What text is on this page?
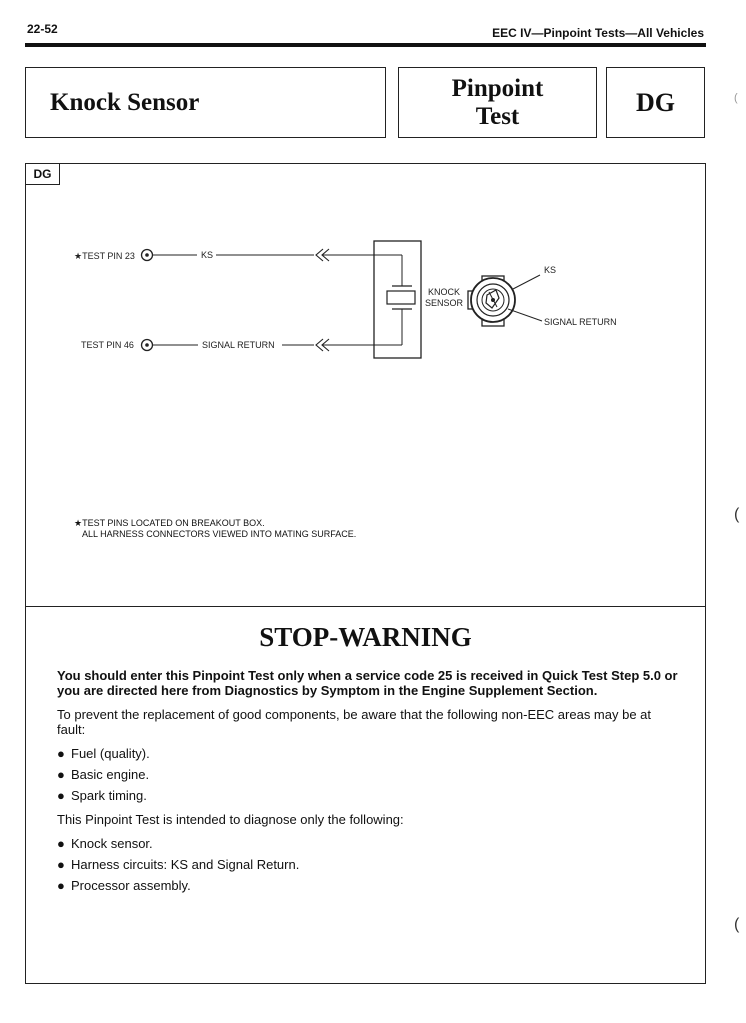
22-52	EEC IV—Pinpoint Tests—All Vehicles
Knock Sensor
Pinpoint
Test	DG
DG
★TEST PIN 23	KS
TEST PIN 46	SIGNAL RETURN
KNOCK
SENSOR
KS
SIGNAL RETURN
★TEST PINS LOCATED ON BREAKOUT BOX.
ALL HARNESS CONNECTORS VIEWED INTO MATING SURFACE.
STOP-WARNING

You should enter this Pinpoint Test only when a service code 25 is received in Quick Test Step 5.0 or you are directed here from Diagnostics by Symptom in the Engine Supplement Section.

To prevent the replacement of good components, be aware that the following non-EEC areas may be at fault:

● Fuel (quality).
● Basic engine.
● Spark timing.

This Pinpoint Test is intended to diagnose only the following:

● Knock sensor.
● Harness circuits: KS and Signal Return.
● Processor assembly.
(
(
(
